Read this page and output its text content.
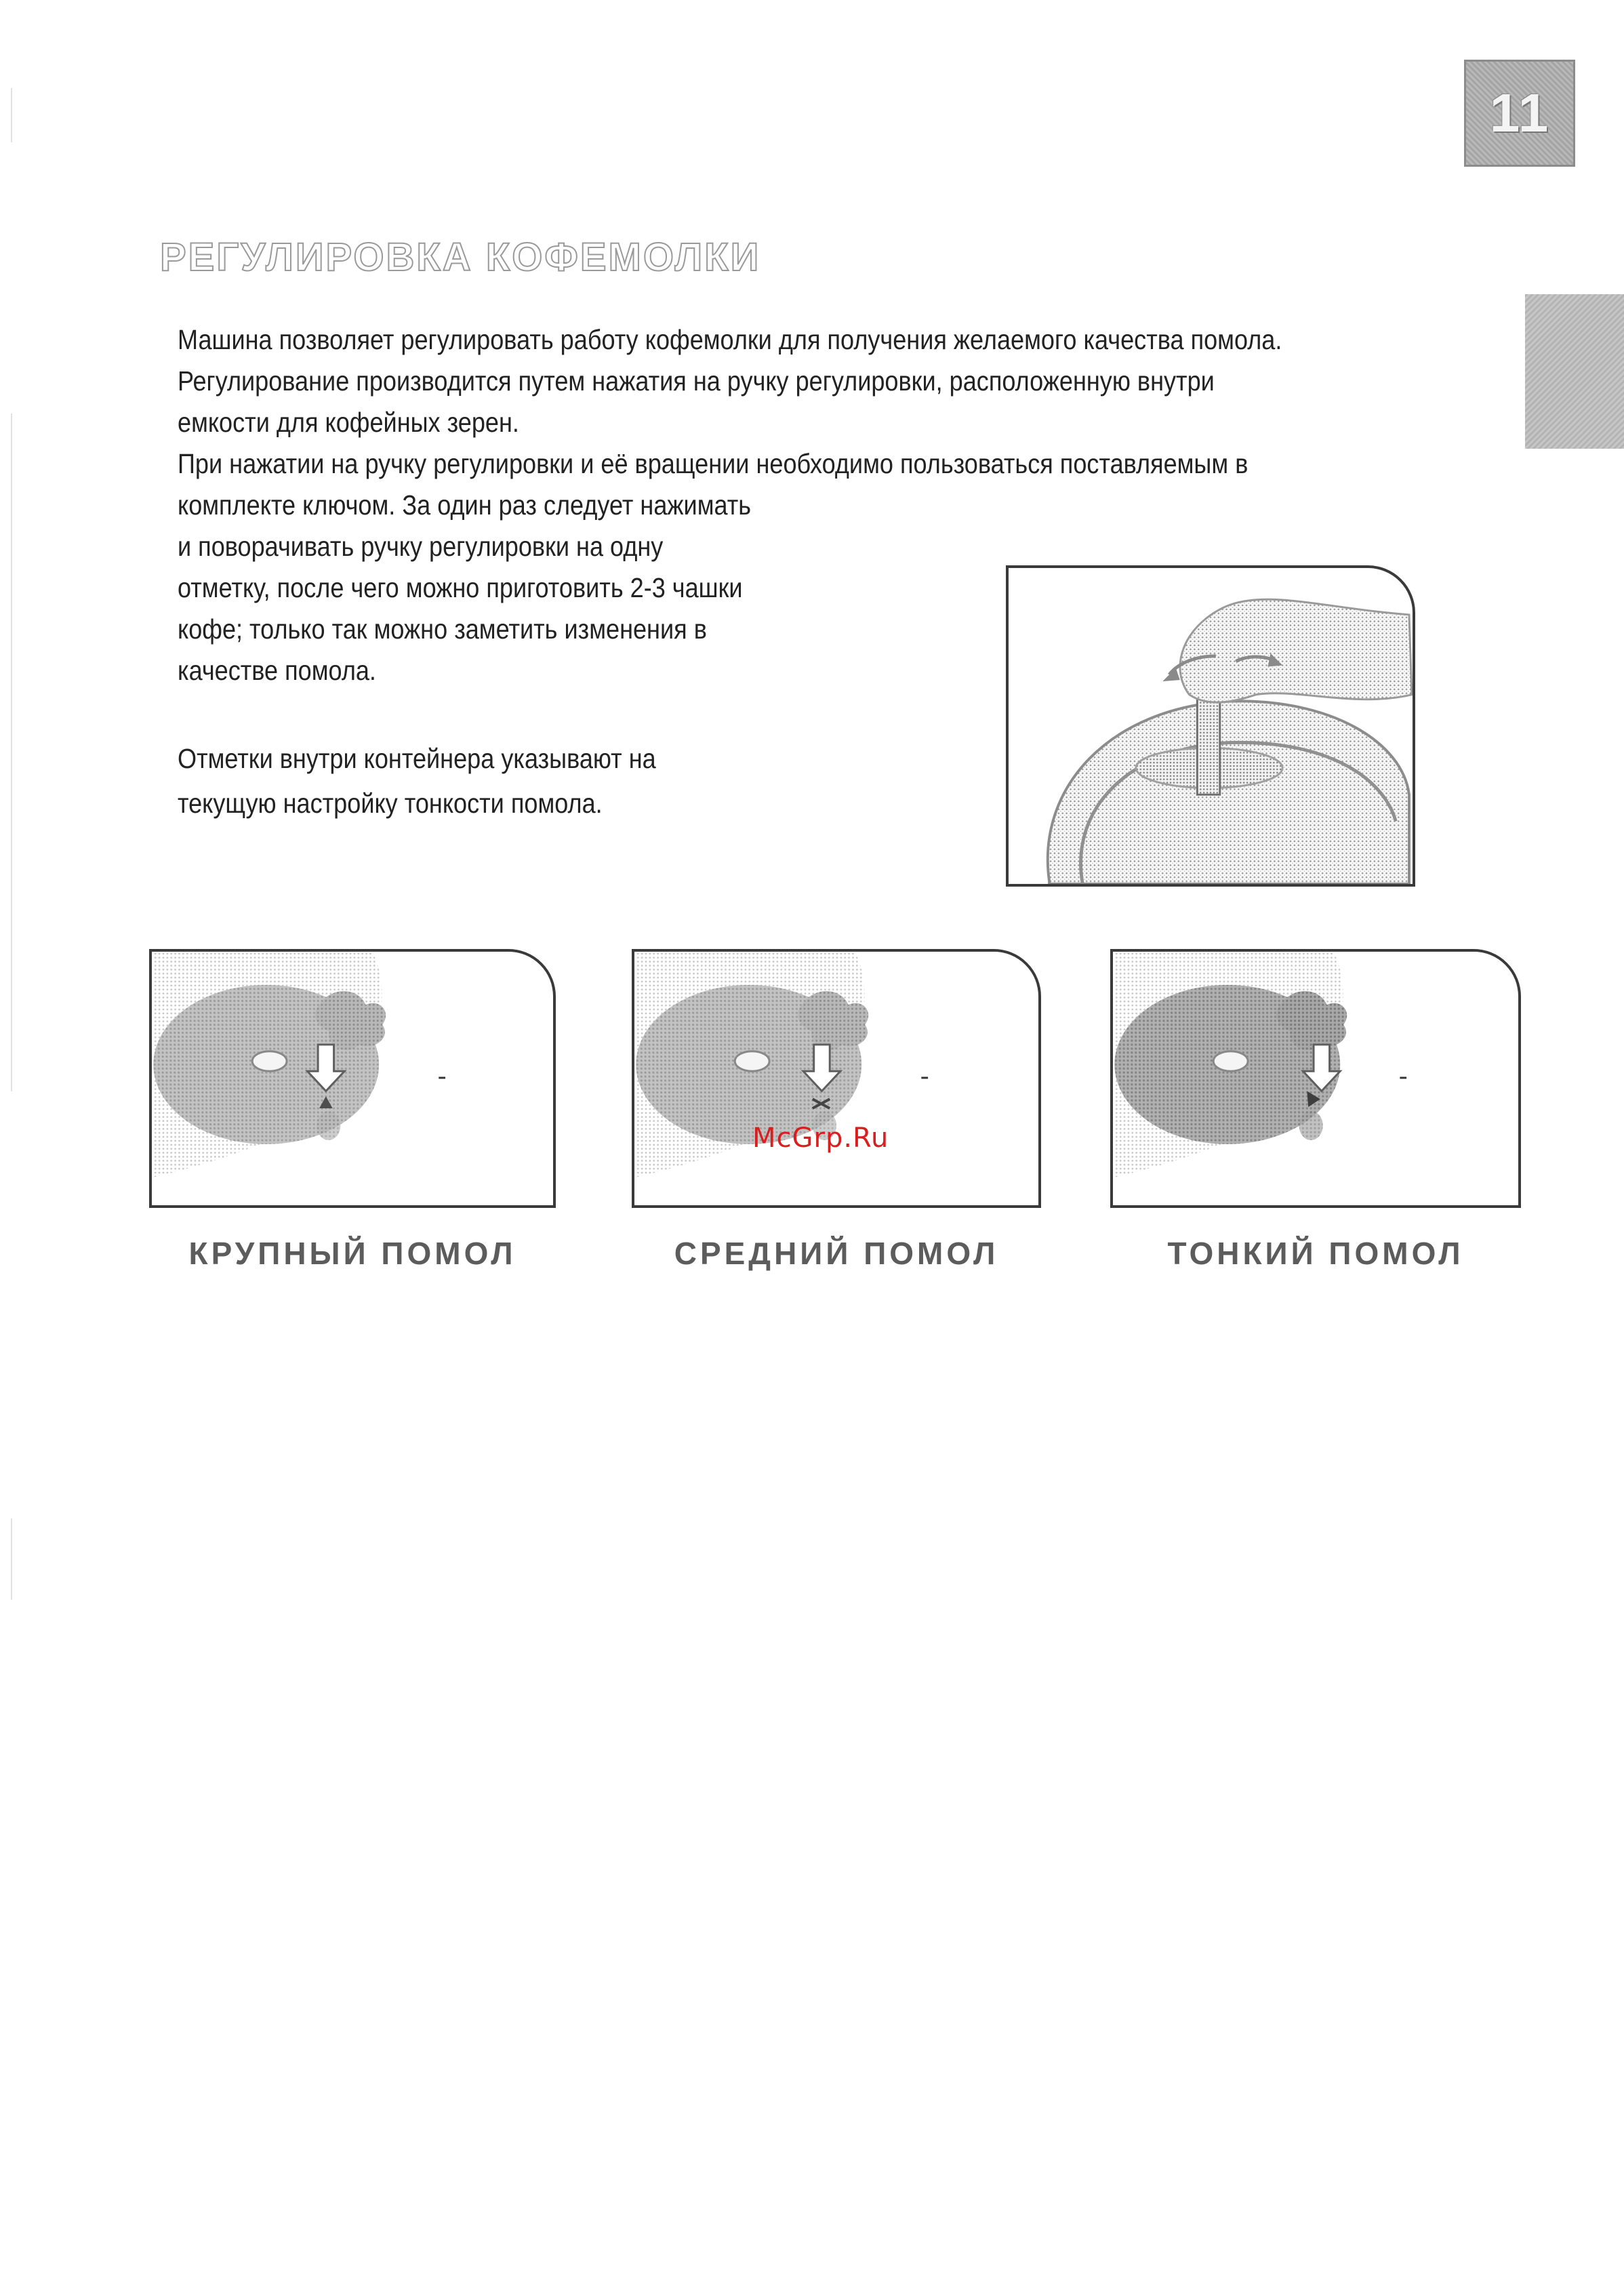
11
РЕГУЛИРОВКА КОФЕМОЛКИ
Машина позволяет регулировать работу кофемолки для получения желаемого качества помола.
Регулирование производится путем нажатия на ручку регулировки, расположенную внутри
емкости для кофейных зерен.
При нажатии на ручку регулировки и её вращении необходимо пользоваться поставляемым в
комплекте ключом. За один раз следует нажимать
и поворачивать ручку регулировки на одну
отметку, после чего можно приготовить 2-3 чашки
кофе; только так можно заметить изменения в
качестве помола.
Отметки внутри контейнера указывают на
текущую настройку тонкости помола.
КРУПНЫЙ ПОМОЛ	СРЕДНИЙ ПОМОЛ	ТОНКИЙ ПОМОЛ
McGrp.Ru
